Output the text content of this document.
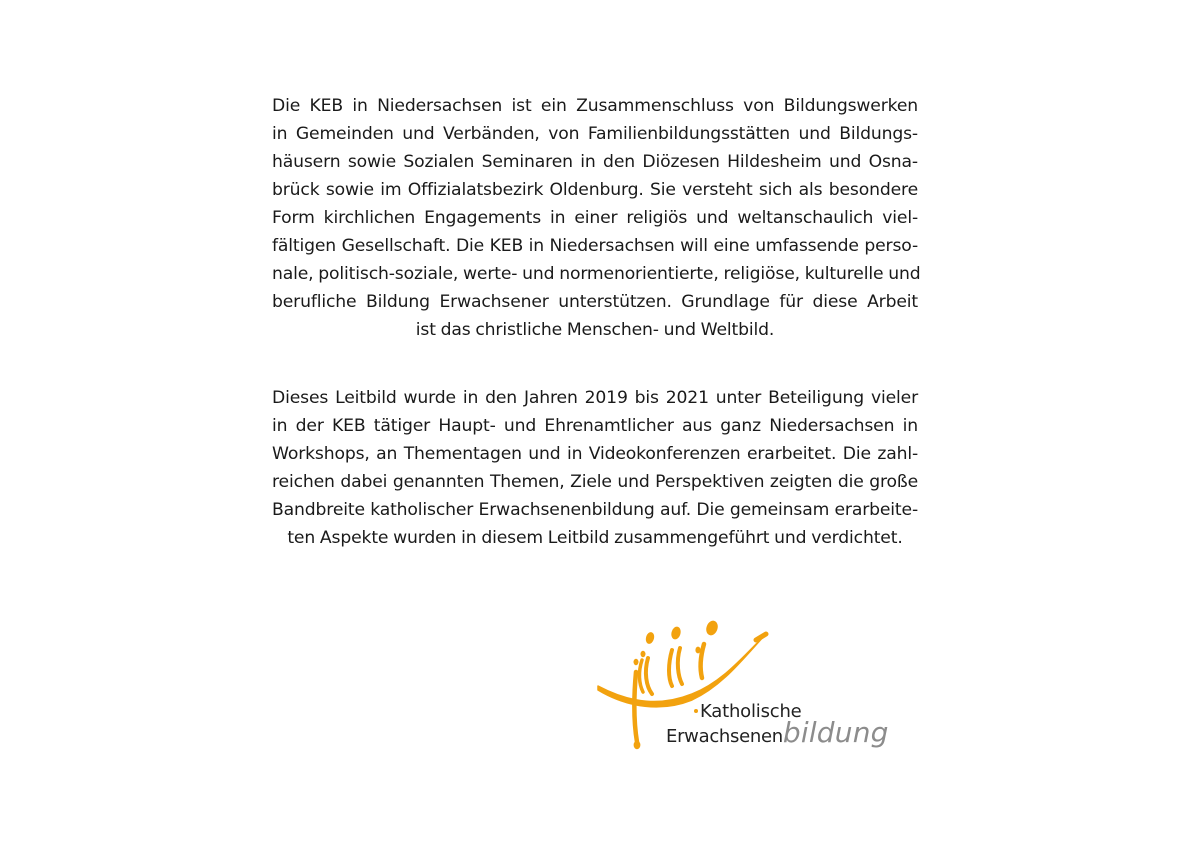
Die KEB in Niedersachsen ist ein Zusammenschluss von Bildungswerken
in Gemeinden und Verbänden, von Familienbildungsstätten und Bildungs-
häusern sowie Sozialen Seminaren in den Diözesen Hildesheim und Osna-
brück sowie im Offizialatsbezirk Oldenburg. Sie versteht sich als besondere
Form kirchlichen Engagements in einer religiös und weltanschaulich viel-
fältigen Gesellschaft. Die KEB in Niedersachsen will eine umfassende perso-
nale, politisch-soziale, werte- und normenorientierte, religiöse, kulturelle und
berufliche Bildung Erwachsener unterstützen. Grundlage für diese Arbeit
ist das christliche Menschen- und Weltbild.
Dieses Leitbild wurde in den Jahren 2019 bis 2021 unter Beteiligung vieler
in der KEB tätiger Haupt- und Ehrenamtlicher aus ganz Niedersachsen in
Workshops, an Thementagen und in Videokonferenzen erarbeitet. Die zahl-
reichen dabei genannten Themen, Ziele und Perspektiven zeigten die große
Bandbreite katholischer Erwachsenenbildung auf. Die gemeinsam erarbeite-
ten Aspekte wurden in diesem Leitbild zusammengeführt und verdichtet.
Katholische
Erwachsenenbildung
